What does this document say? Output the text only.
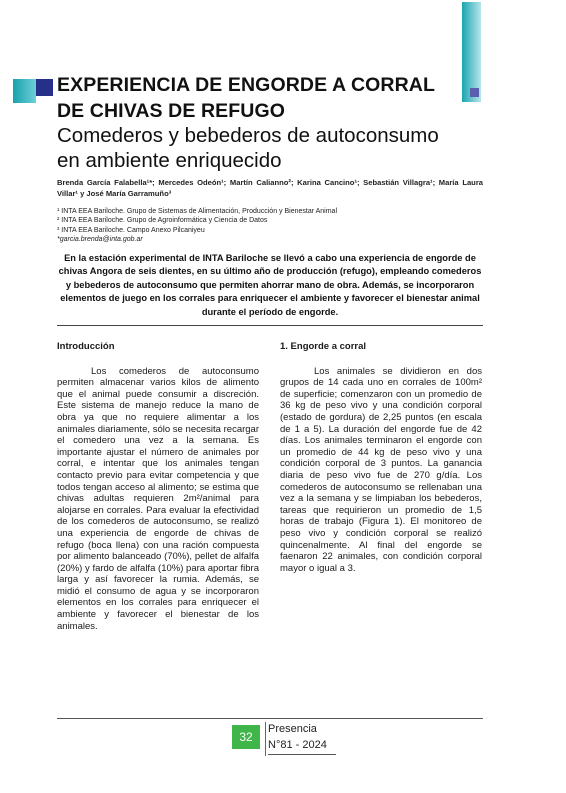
EXPERIENCIA DE ENGORDE A CORRAL
DE CHIVAS DE REFUGO
Comederos y bebederos de autoconsumo
en ambiente enriquecido
Brenda García Falabella¹*; Mercedes Odeón¹; Martín Calianno²; Karina Cancino¹; Sebastián Villagra¹; María Laura Villar¹ y José María Garramuño³
¹ INTA EEA Bariloche. Grupo de Sistemas de Alimentación, Producción y Bienestar Animal
² INTA EEA Bariloche. Grupo de Agroinformática y Ciencia de Datos
³ INTA EEA Bariloche. Campo Anexo Pilcaniyeu
*garcia.brenda@inta.gob.ar

En la estación experimental de INTA Bariloche se llevó a cabo una experiencia de engorde de chivas Angora de seis dientes, en su último año de producción (refugo), empleando comederos y bebederos de autoconsumo que permiten ahorrar mano de obra. Además, se incorporaron elementos de juego en los corrales para enriquecer el ambiente y favorecer el bienestar animal durante el período de engorde.

Introducción

Los comederos de autoconsumo permiten almacenar varios kilos de alimento que el animal puede consumir a discreción. Este sistema de manejo reduce la mano de obra ya que no requiere alimentar a los animales diariamente, sólo se necesita recargar el comedero una vez a la semana. Es importante ajustar el número de animales por corral, e intentar que los animales tengan contacto previo para evitar competencia y que todos tengan acceso al alimento; se estima que chivas adultas requieren 2m²/animal para alojarse en corrales. Para evaluar la efectividad de los comederos de autoconsumo, se realizó una experiencia de engorde de chivas de refugo (boca llena) con una ración compuesta por alimento balanceado (70%), pellet de alfalfa (20%) y fardo de alfalfa (10%) para aportar fibra larga y así favorecer la rumia. Además, se midió el consumo de agua y se incorporaron elementos en los corrales para enriquecer el ambiente y favorecer el bienestar de los animales.

1. Engorde a corral

Los animales se dividieron en dos grupos de 14 cada uno en corrales de 100m² de superficie; comenzaron con un promedio de 36 kg de peso vivo y una condición corporal (estado de gordura) de 2,25 puntos (en escala de 1 a 5). La duración del engorde fue de 42 días. Los animales terminaron el engorde con un promedio de 44 kg de peso vivo y una condición corporal de 3 puntos. La ganancia diaria de peso vivo fue de 270 g/día. Los comederos de autoconsumo se rellenaban una vez a la semana y se limpiaban los bebederos, tareas que requirieron un promedio de 1,5 horas de trabajo (Figura 1). El monitoreo de peso vivo y condición corporal se realizó quincenalmente. Al final del engorde se faenaron 22 animales, con condición corporal mayor o igual a 3.

32
Presencia
N°81 - 2024
